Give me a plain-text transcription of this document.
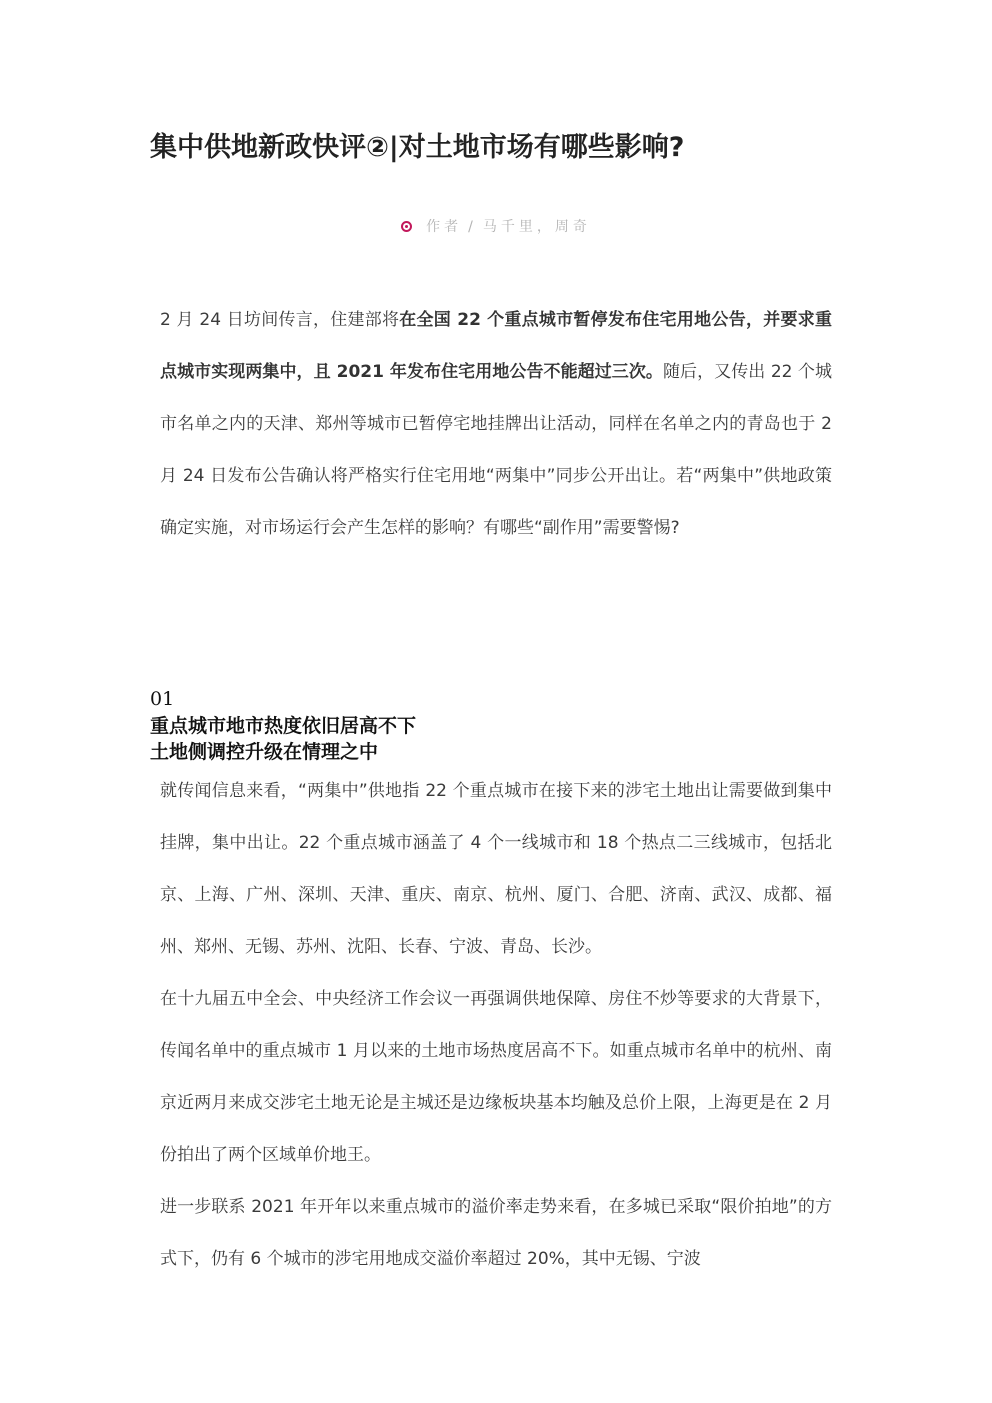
集中供地新政快评②|对土地市场有哪些影响?
作者 / 马千里，周奇

2 月 24 日坊间传言，住建部将在全国 22 个重点城市暂停发布住宅用地公告，并要求重点城市实现两集中，且 2021 年发布住宅用地公告不能超过三次。随后，又传出 22 个城市名单之内的天津、郑州等城市已暂停宅地挂牌出让活动，同样在名单之内的青岛也于 2 月 24 日发布公告确认将严格实行住宅用地“两集中”同步公开出让。若“两集中”供地政策确定实施，对市场运行会产生怎样的影响？有哪些“副作用”需要警惕?

01
重点城市地市热度依旧居高不下
土地侧调控升级在情理之中

就传闻信息来看，“两集中”供地指 22 个重点城市在接下来的涉宅土地出让需要做到集中挂牌，集中出让。22 个重点城市涵盖了 4 个一线城市和 18 个热点二三线城市，包括北京、上海、广州、深圳、天津、重庆、南京、杭州、厦门、合肥、济南、武汉、成都、福州、郑州、无锡、苏州、沈阳、长春、宁波、青岛、长沙。

在十九届五中全会、中央经济工作会议一再强调供地保障、房住不炒等要求的大背景下，传闻名单中的重点城市 1 月以来的土地市场热度居高不下。如重点城市名单中的杭州、南京近两月来成交涉宅土地无论是主城还是边缘板块基本均触及总价上限，上海更是在 2 月份拍出了两个区域单价地王。

进一步联系 2021 年开年以来重点城市的溢价率走势来看，在多城已采取“限价拍地”的方式下，仍有 6 个城市的涉宅用地成交溢价率超过 20%，其中无锡、宁波
